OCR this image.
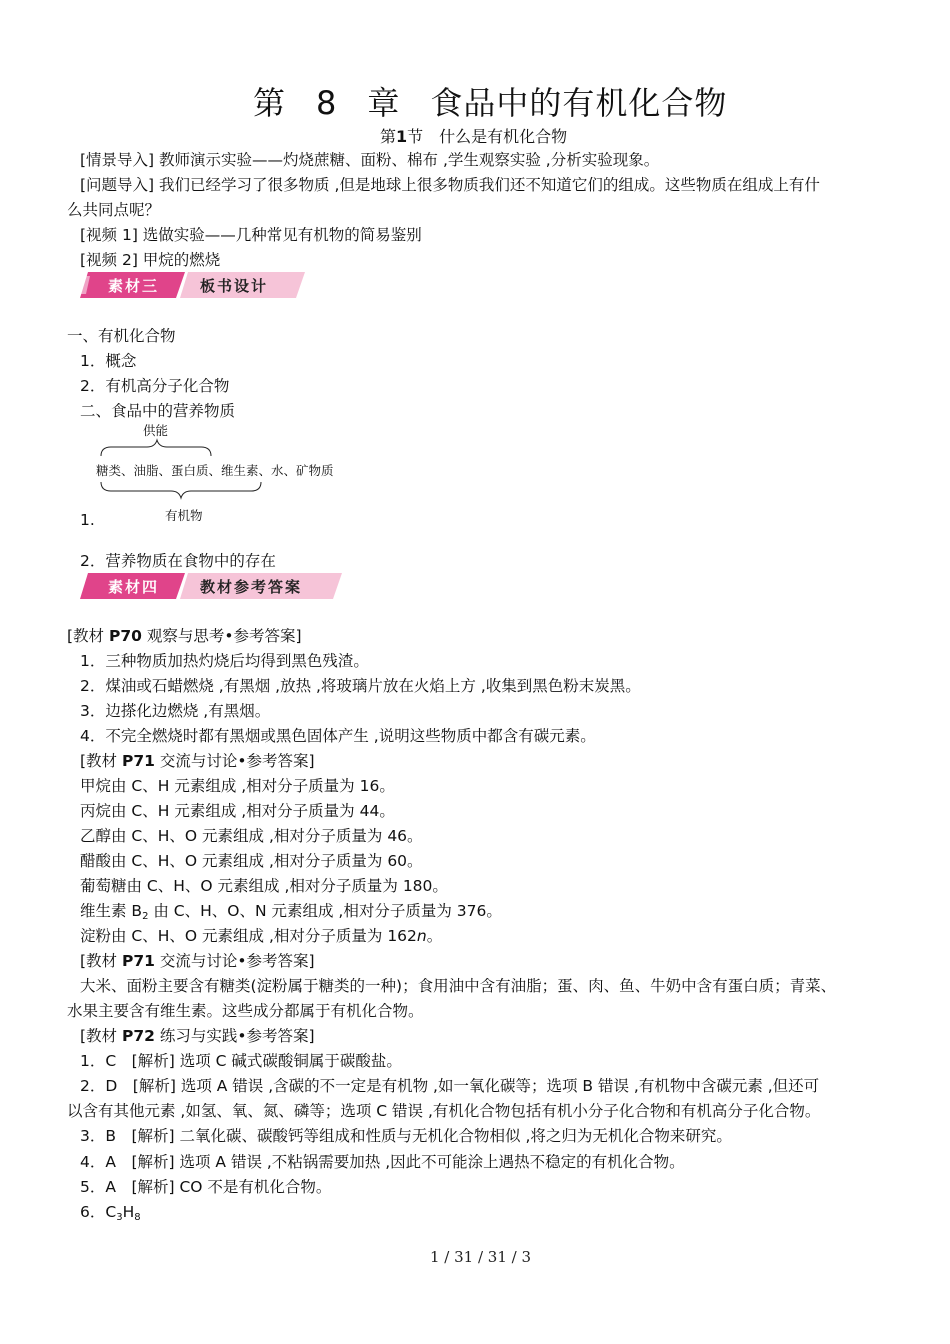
第 8 章 食品中的有机化合物
第1节　什么是有机化合物
[情景导入] 教师演示实验——灼烧蔗糖、面粉、棉布 ,学生观察实验 ,分析实验现象。
[问题导入] 我们已经学习了很多物质 ,但是地球上很多物质我们还不知道它们的组成。这些物质在组成上有什
么共同点呢？
[视频 1] 选做实验——几种常见有机物的简易鉴别
[视频 2] 甲烷的燃烧
素材三	板书设计
一、有机化合物
1．概念
2．有机高分子化合物
二、食品中的营养物质
供能
糖类、油脂、蛋白质、维生素、水、矿物质
有机物
1.
2．营养物质在食物中的存在
素材四	教材参考答案
[教材 P70 观察与思考•参考答案]
1．三种物质加热灼烧后均得到黑色残渣。
2．煤油或石蜡燃烧 ,有黑烟 ,放热 ,将玻璃片放在火焰上方 ,收集到黑色粉末炭黑。
3．边搽化边燃烧 ,有黑烟。
4．不完全燃烧时都有黑烟或黑色固体产生 ,说明这些物质中都含有碳元素。
[教材 P71 交流与讨论•参考答案]
甲烷由 C、H 元素组成 ,相对分子质量为 16。
丙烷由 C、H 元素组成 ,相对分子质量为 44。
乙醇由 C、H、O 元素组成 ,相对分子质量为 46。
醋酸由 C、H、O 元素组成 ,相对分子质量为 60。
葡萄糖由 C、H、O 元素组成 ,相对分子质量为 180。
维生素 $B_2$ 由 C、H、O、N 元素组成 ,相对分子质量为 376。
淀粉由 C、H、O 元素组成 ,相对分子质量为 162n。
[教材 P71 交流与讨论•参考答案]
大米、面粉主要含有糖类(淀粉属于糖类的一种)；食用油中含有油脂；蛋、肉、鱼、牛奶中含有蛋白质；青菜、
水果主要含有维生素。这些成分都属于有机化合物。
[教材 P72 练习与实践•参考答案]
1．C　[解析] 选项 C 碱式碳酸铜属于碳酸盐。
2．D　[解析] 选项 A 错误 ,含碳的不一定是有机物 ,如一氧化碳等；选项 B 错误 ,有机物中含碳元素 ,但还可
以含有其他元素 ,如氢、氧、氮、磷等；选项 C 错误 ,有机化合物包括有机小分子化合物和有机高分子化合物。
3．B　[解析] 二氧化碳、碳酸钙等组成和性质与无机化合物相似 ,将之归为无机化合物来研究。
4．A　[解析] 选项 A 错误 ,不粘锅需要加热 ,因此不可能涂上遇热不稳定的有机化合物。
5．A　[解析] CO 不是有机化合物。
6．$C_3H_8$
1 / 31 / 31 / 3
